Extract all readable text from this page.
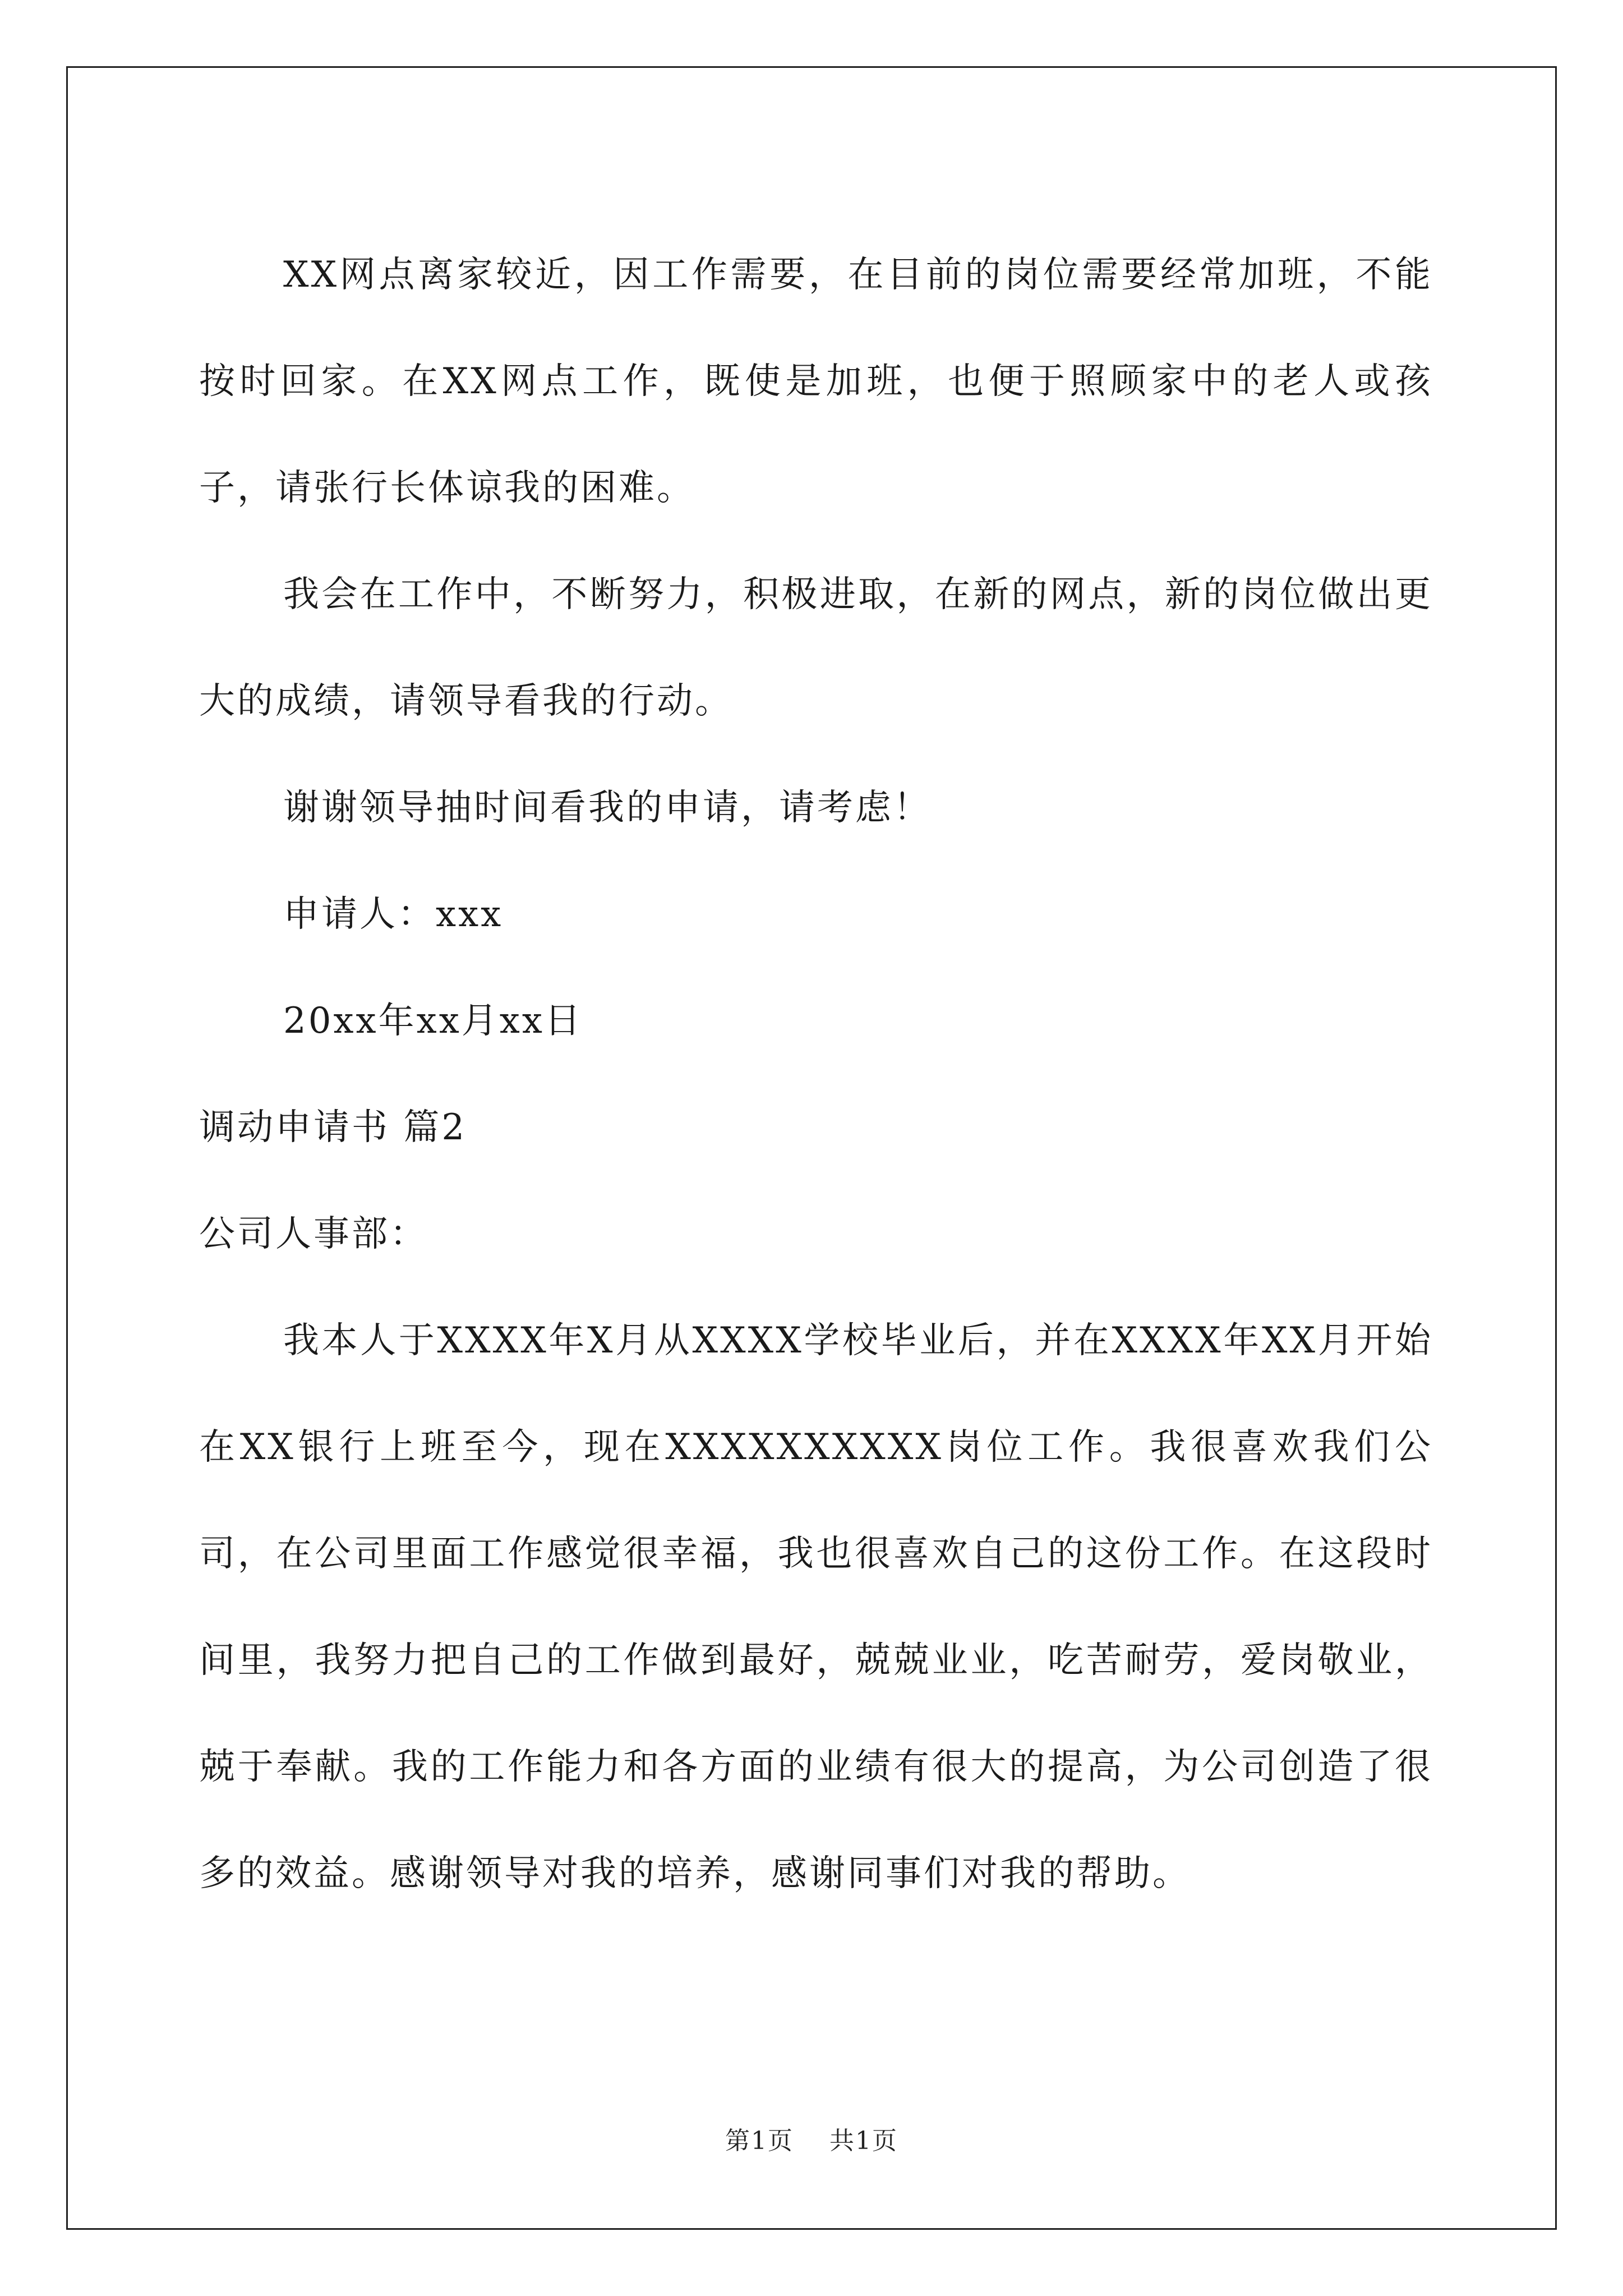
XX网点离家较近，因工作需要，在目前的岗位需要经常加班，不能按时回家。在XX网点工作，既使是加班，也便于照顾家中的老人或孩子，请张行长体谅我的困难。

我会在工作中，不断努力，积极进取，在新的网点，新的岗位做出更大的成绩，请领导看我的行动。

谢谢领导抽时间看我的申请，请考虑！

申请人：xxx

20xx年xx月xx日

调动申请书 篇2

公司人事部：

我本人于XXXX年X月从XXXX学校毕业后，并在XXXX年XX月开始在XX银行上班至今，现在XXXXXXXXXX岗位工作。我很喜欢我们公司，在公司里面工作感觉很幸福，我也很喜欢自己的这份工作。在这段时间里，我努力把自己的工作做到最好，兢兢业业，吃苦耐劳，爱岗敬业，兢于奉献。我的工作能力和各方面的业绩有很大的提高，为公司创造了很多的效益。感谢领导对我的培养，感谢同事们对我的帮助。

第1页 共1页
